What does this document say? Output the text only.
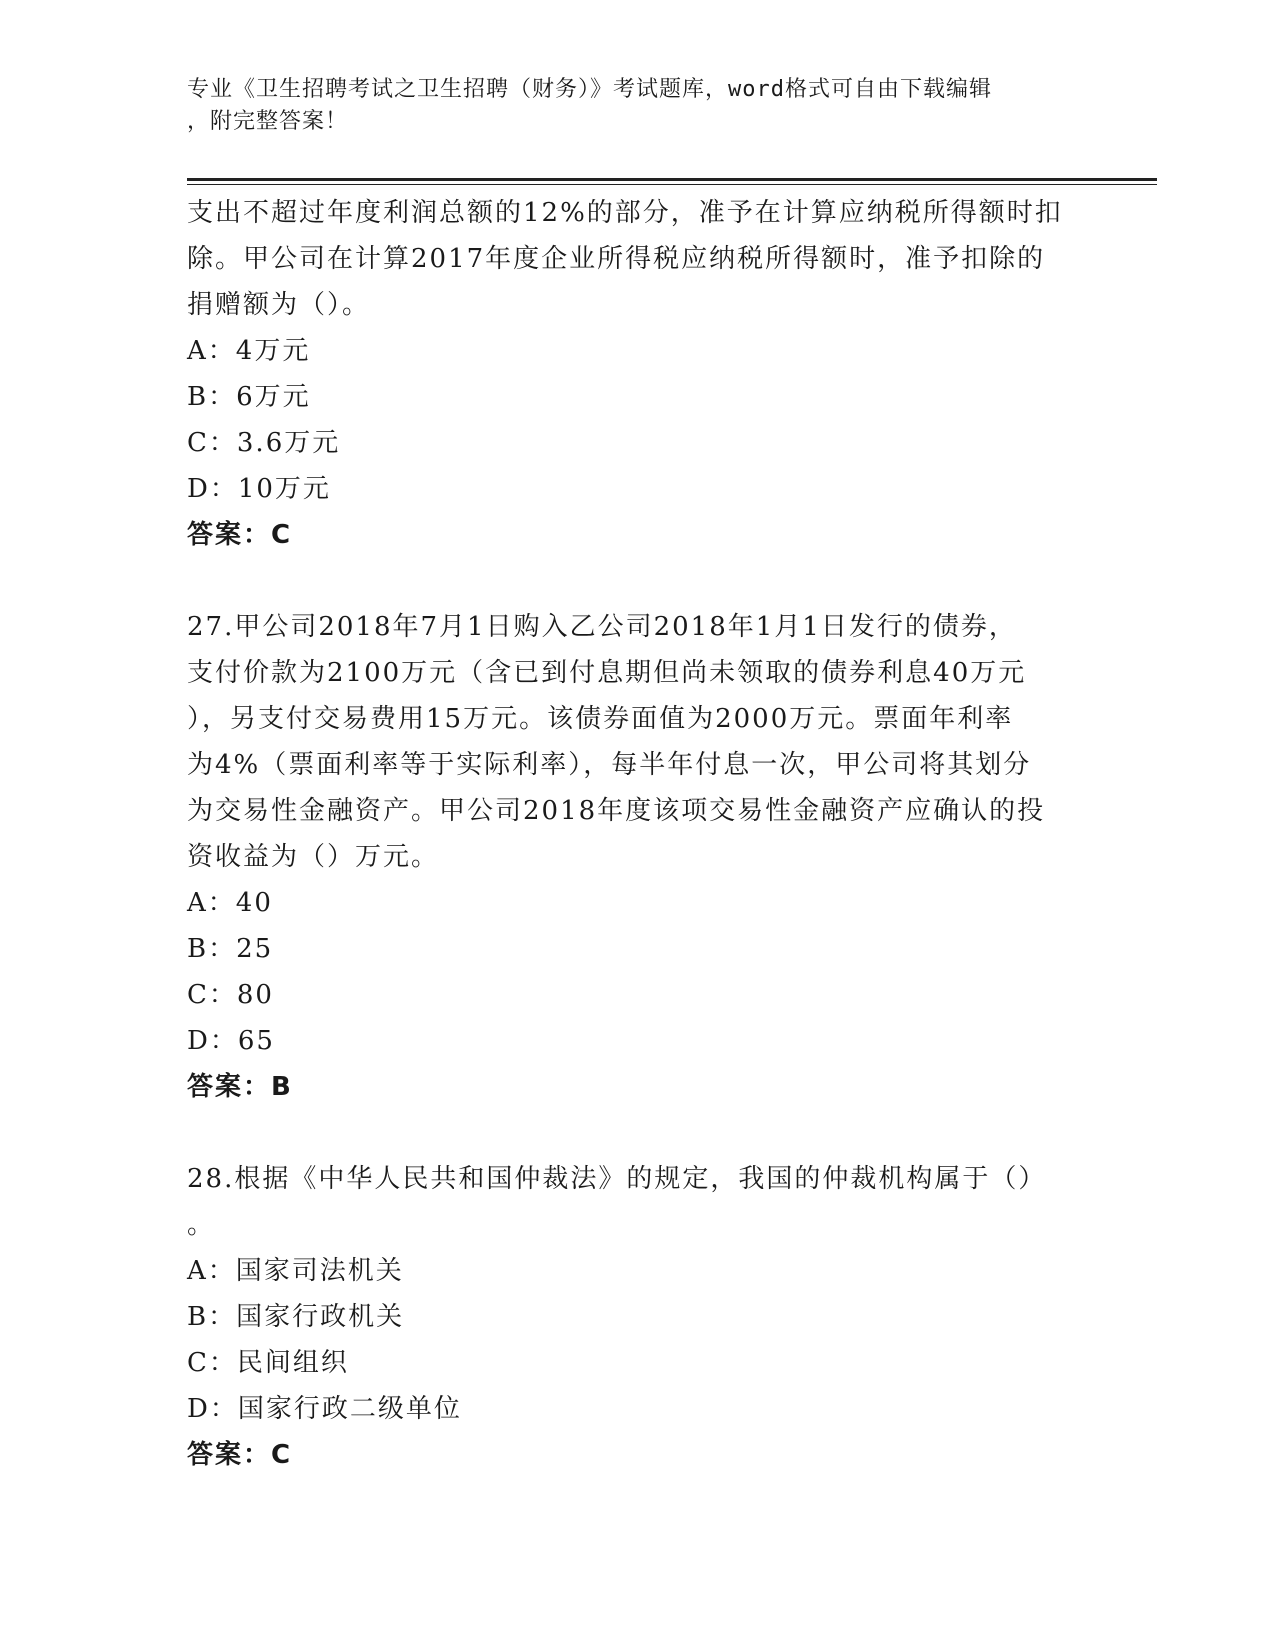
专业《卫生招聘考试之卫生招聘（财务）》考试题库，word格式可自由下载编辑
，附完整答案！

支出不超过年度利润总额的12%的部分，准予在计算应纳税所得额时扣

除。甲公司在计算2017年度企业所得税应纳税所得额时，准予扣除的

捐赠额为（）。

A：4万元

B：6万元

C：3.6万元

D：10万元

答案：C

27.甲公司2018年7月1日购入乙公司2018年1月1日发行的债券，

支付价款为2100万元（含已到付息期但尚未领取的债券利息40万元

），另支付交易费用15万元。该债券面值为2000万元。票面年利率

为4%（票面利率等于实际利率），每半年付息一次，甲公司将其划分

为交易性金融资产。甲公司2018年度该项交易性金融资产应确认的投

资收益为（）万元。

A：40

B：25

C：80

D：65

答案：B

28.根据《中华人民共和国仲裁法》的规定，我国的仲裁机构属于（）

。

A：国家司法机关

B：国家行政机关

C：民间组织

D：国家行政二级单位

答案：C
